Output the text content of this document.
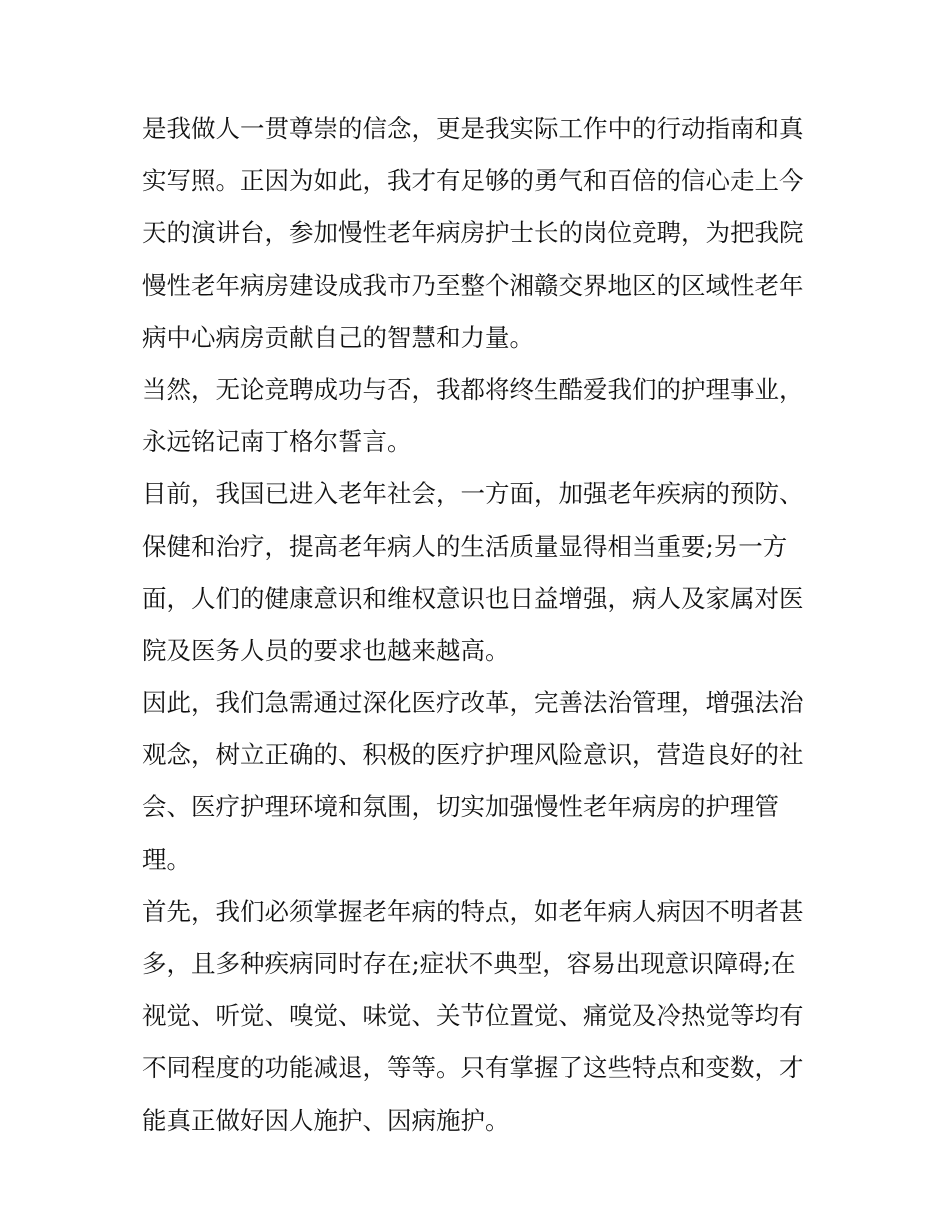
是我做人一贯尊崇的信念，更是我实际工作中的行动指南和真
实写照。正因为如此，我才有足够的勇气和百倍的信心走上今
天的演讲台，参加慢性老年病房护士长的岗位竞聘，为把我院
慢性老年病房建设成我市乃至整个湘赣交界地区的区域性老年
病中心病房贡献自己的智慧和力量。
当然，无论竞聘成功与否，我都将终生酷爱我们的护理事业，
永远铭记南丁格尔誓言。
目前，我国已进入老年社会，一方面，加强老年疾病的预防、
保健和治疗，提高老年病人的生活质量显得相当重要;另一方
面，人们的健康意识和维权意识也日益增强，病人及家属对医
院及医务人员的要求也越来越高。
因此，我们急需通过深化医疗改革，完善法治管理，增强法治
观念，树立正确的、积极的医疗护理风险意识，营造良好的社
会、医疗护理环境和氛围，切实加强慢性老年病房的护理管
理。
首先，我们必须掌握老年病的特点，如老年病人病因不明者甚
多，且多种疾病同时存在;症状不典型，容易出现意识障碍;在
视觉、听觉、嗅觉、味觉、关节位置觉、痛觉及冷热觉等均有
不同程度的功能减退，等等。只有掌握了这些特点和变数，才
能真正做好因人施护、因病施护。
